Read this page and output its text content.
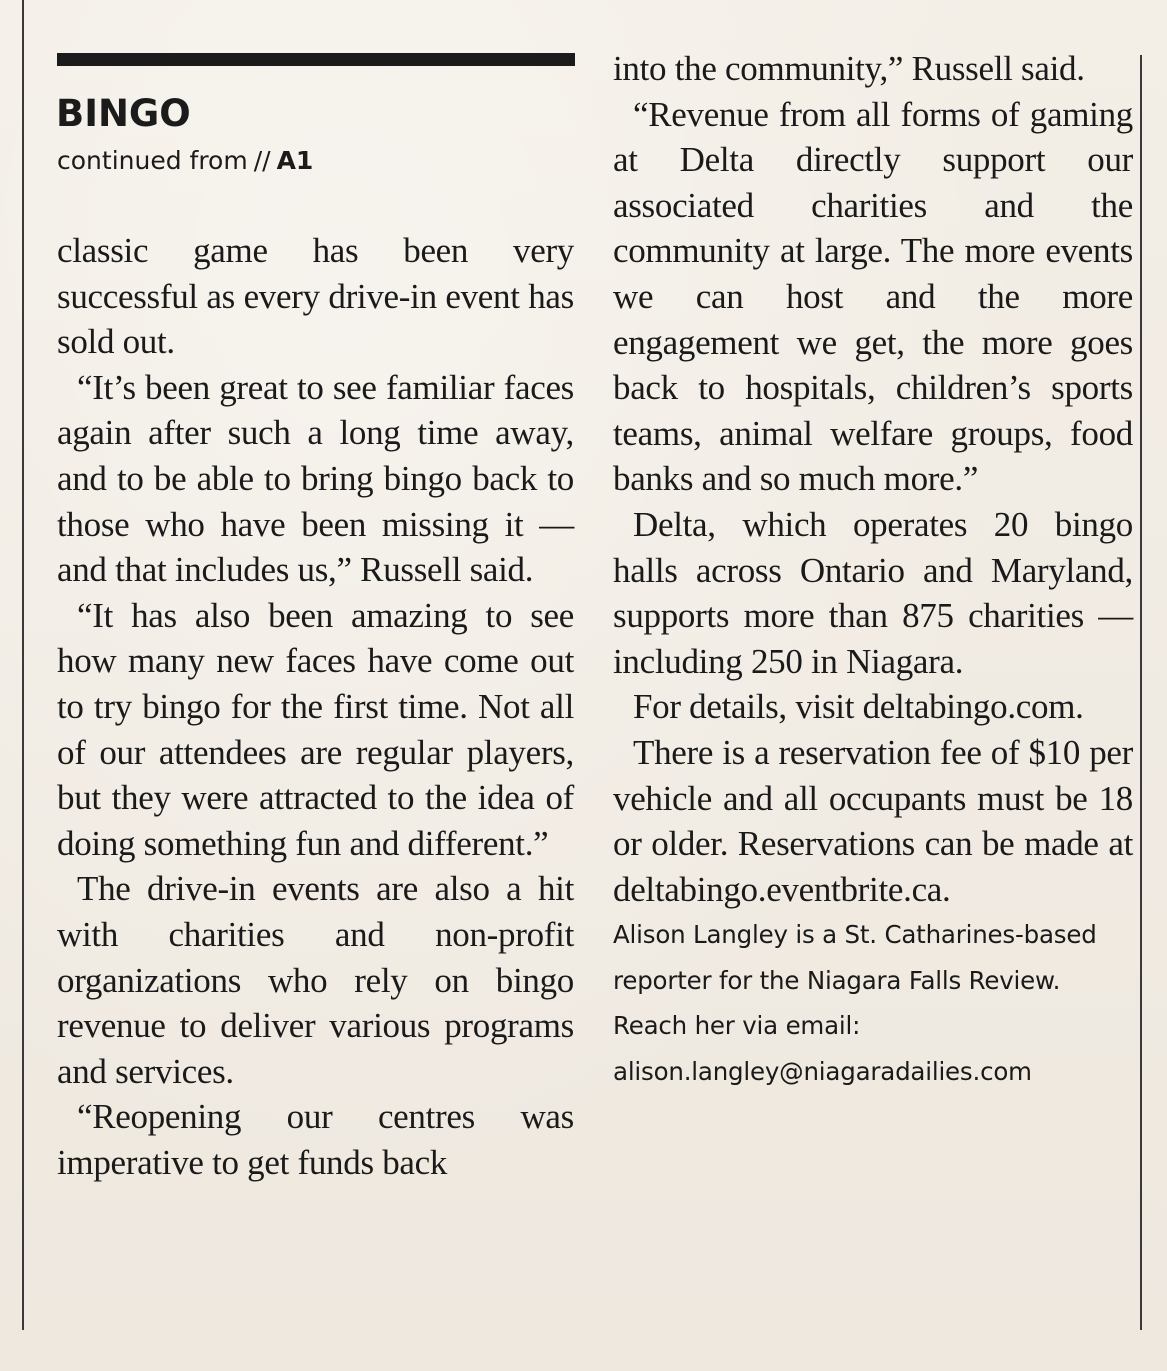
BINGO
continued from // A1

classic game has been very successful as every drive-in event has sold out.

“It’s been great to see familiar faces again after such a long time away, and to be able to bring bingo back to those who have been missing it — and that includes us,” Russell said.

“It has also been amazing to see how many new faces have come out to try bingo for the first time. Not all of our attendees are regular players, but they were attracted to the idea of doing something fun and different.”

The drive-in events are also a hit with charities and non-profit organizations who rely on bingo revenue to deliver various programs and services.

“Reopening our centres was imperative to get funds back

into the community,” Russell said.

“Revenue from all forms of gaming at Delta directly support our associated charities and the community at large. The more events we can host and the more engagement we get, the more goes back to hospitals, children’s sports teams, animal welfare groups, food banks and so much more.”

Delta, which operates 20 bingo halls across Ontario and Maryland, supports more than 875 charities — including 250 in Niagara.

For details, visit deltabingo.com.

There is a reservation fee of $10 per vehicle and all occupants must be 18 or older. Reservations can be made at deltabingo.eventbrite.ca.

Alison Langley is a St. Catharines-based reporter for the Niagara Falls Review. Reach her via email: alison.langley@niagaradailies.com
